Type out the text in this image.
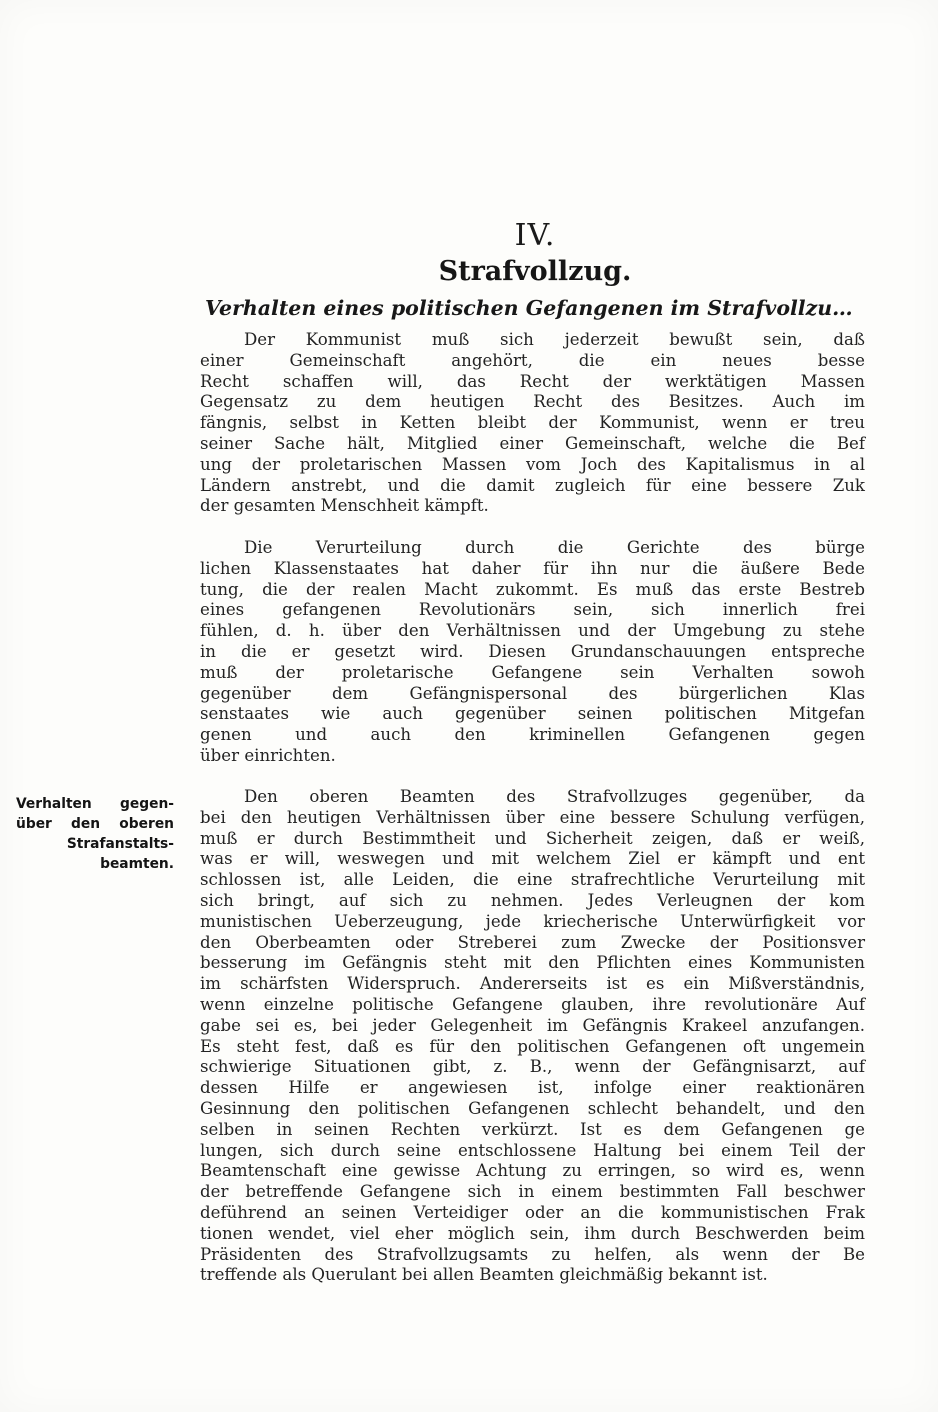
IV.
Strafvollzug.
Verhalten eines politischen Gefangenen im Strafvollzu…
Verhalten gegen-
über den oberen
Strafanstalts-
beamten.
Der Kommunist muß sich jederzeit bewußt sein, daß
einer Gemeinschaft angehört, die ein neues besse
Recht schaffen will, das Recht der werktätigen Massen
Gegensatz zu dem heutigen Recht des Besitzes. Auch im
fängnis, selbst in Ketten bleibt der Kommunist, wenn er treu
seiner Sache hält, Mitglied einer Gemeinschaft, welche die Bef
ung der proletarischen Massen vom Joch des Kapitalismus in al
Ländern anstrebt, und die damit zugleich für eine bessere Zuk
der gesamten Menschheit kämpft.
Die Verurteilung durch die Gerichte des bürge
lichen Klassenstaates hat daher für ihn nur die äußere Bede
tung, die der realen Macht zukommt. Es muß das erste Bestreb
eines gefangenen Revolutionärs sein, sich innerlich frei
fühlen, d. h. über den Verhältnissen und der Umgebung zu stehe
in die er gesetzt wird. Diesen Grundanschauungen entspreche
muß der proletarische Gefangene sein Verhalten sowoh
gegenüber dem Gefängnispersonal des bürgerlichen Klas
senstaates wie auch gegenüber seinen politischen Mitgefan
genen und auch den kriminellen Gefangenen gegen
über einrichten.
Den oberen Beamten des Strafvollzuges gegenüber, da
bei den heutigen Verhältnissen über eine bessere Schulung verfügen,
muß er durch Bestimmtheit und Sicherheit zeigen, daß er weiß,
was er will, weswegen und mit welchem Ziel er kämpft und ent
schlossen ist, alle Leiden, die eine strafrechtliche Verurteilung mit
sich bringt, auf sich zu nehmen. Jedes Verleugnen der kom
munistischen Ueberzeugung, jede kriecherische Unterwürfigkeit vor
den Oberbeamten oder Streberei zum Zwecke der Positionsver
besserung im Gefängnis steht mit den Pflichten eines Kommunisten
im schärfsten Widerspruch. Andererseits ist es ein Mißverständnis,
wenn einzelne politische Gefangene glauben, ihre revolutionäre Auf
gabe sei es, bei jeder Gelegenheit im Gefängnis Krakeel anzufangen.
Es steht fest, daß es für den politischen Gefangenen oft ungemein
schwierige Situationen gibt, z. B., wenn der Gefängnisarzt, auf
dessen Hilfe er angewiesen ist, infolge einer reaktionären
Gesinnung den politischen Gefangenen schlecht behandelt, und den
selben in seinen Rechten verkürzt. Ist es dem Gefangenen ge
lungen, sich durch seine entschlossene Haltung bei einem Teil der
Beamtenschaft eine gewisse Achtung zu erringen, so wird es, wenn
der betreffende Gefangene sich in einem bestimmten Fall beschwer
deführend an seinen Verteidiger oder an die kommunistischen Frak
tionen wendet, viel eher möglich sein, ihm durch Beschwerden beim
Präsidenten des Strafvollzugsamts zu helfen, als wenn der Be
treffende als Querulant bei allen Beamten gleichmäßig bekannt ist.
